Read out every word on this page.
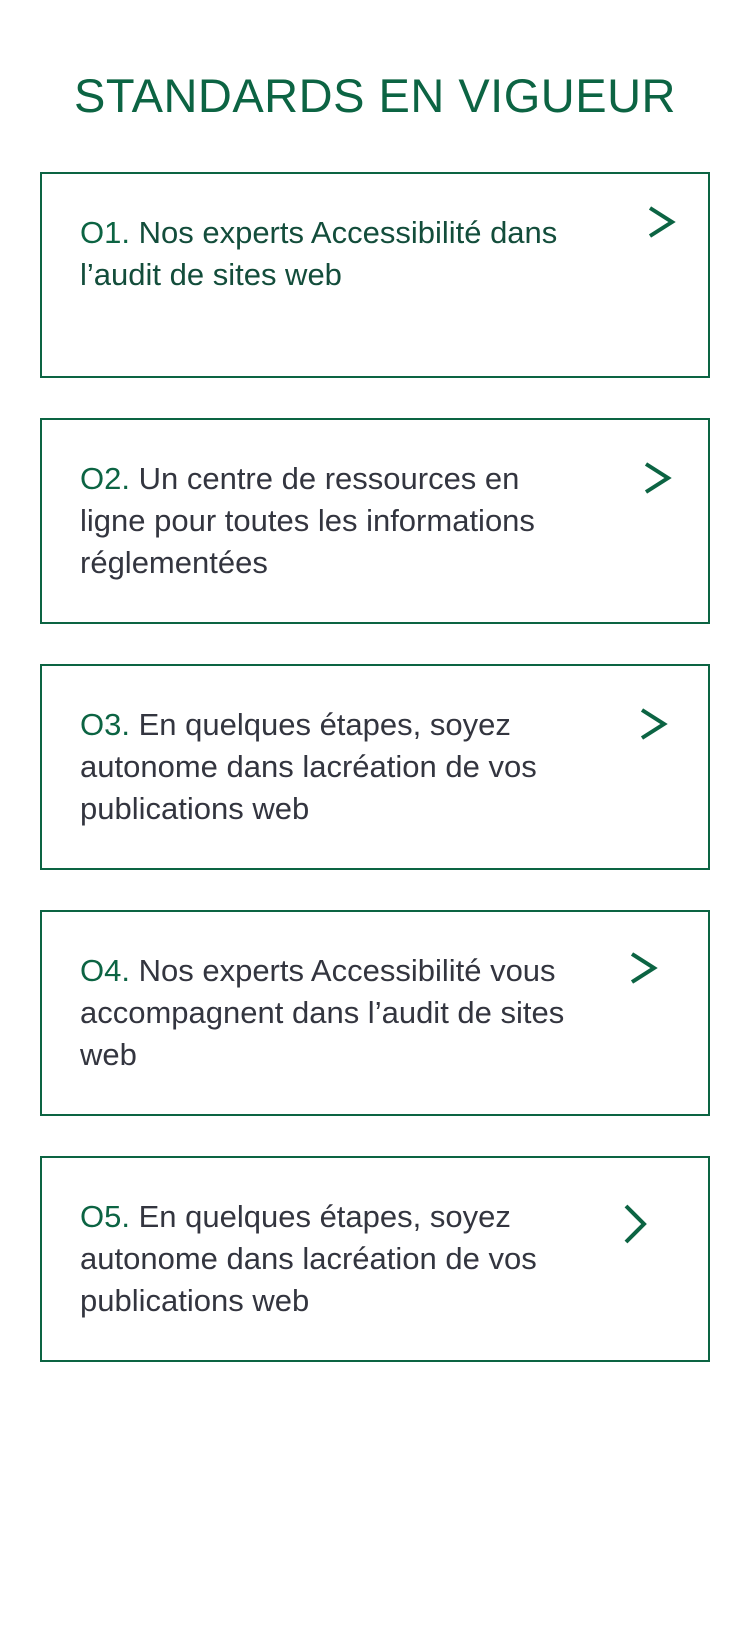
STANDARDS EN VIGUEUR

O1. Nos experts Accessibilité dans l’audit de sites web

O2. Un centre de ressources en ligne pour toutes les informations réglementées

O3. En quelques étapes, soyez autonome dans lacréation de vos publications web

O4. Nos experts Accessibilité vous accompagnent dans l’audit de sites web

O5. En quelques étapes, soyez autonome dans lacréation de vos publications web
